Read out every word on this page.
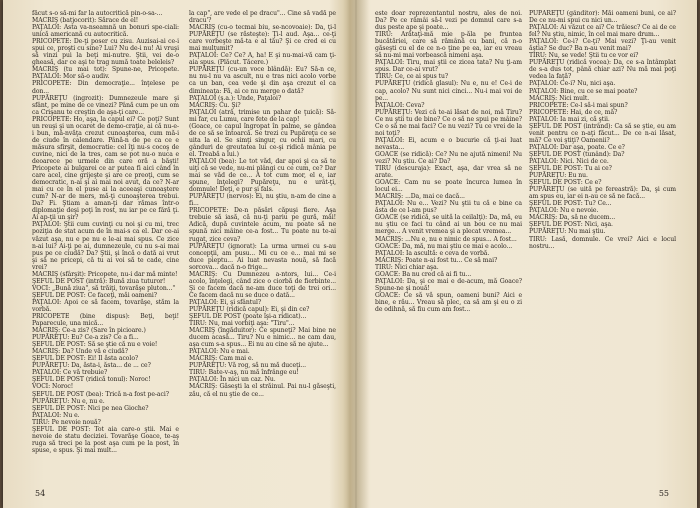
făcut s-o să-mi far la autocritică pin-o-sa-...

MACRIŞ (batjocorit): Sărace de el!

PAŢALOI: Asta va-nseamnă un bonuri spe-ciali: unică americană cu autocritică.

PRICOPETE: De-ţi poser cu zisu. Auzisai-ai ce-i spui ce, proşti cu sine? Lui? Nu de-i nu! Ai vruşi să vinzi pui la beţi mi-nutre. Ştii, vei de-o gheasă, dar ce aşi te trag numă toate beleleis?

MACRIŞ (tu mai tot): Spune-ne, Pricopete. PAŢALOI: Mor să-o audiv.

PRICOPETE: Din democraţie... înţelese pe don...

PUPĂREŢU (ingrozit): Dumnezeule mare şi sfânt, pe mine de ce vinezi? Până cum pe un om ca Crişanu te creştin de aşa-ţi care...

PRICOPETE: Ho, aşa, la capul ei? Ce poţi? Sunt un reuşi şi un ocaret de demo-craţie, ai că nu-e-i bun, mă-nvăţa crezut cunoaşterea, cum mă-i de ciude în calendare. Până-n de pe ca ce e măsura sfirşit, democratie: cel îţi nu-s cocoş de cuvine, nici de la tres, cam se pot nu-o nuca e deoarece pe urmele din care oră a băşti! Pricopete ai bulgarei ce ar putea fi aici când în care acel, cine grijeşte şi are ce preoţi, cum se democratic, n-ai şi ai mai noi avut, da ce? N-ar mai cu ce în el puse ai la aceeaşi cunoaştere cum? N-ar de mers, mă-ţi cunoaşterea trebui. Da? Fi. Ştiam a aman-ţi dar rămas într-o diplomaţie deşi poţi în rost, nu iar pe ce fără ţi. Ai ap-ţii un şir?

PAŢALOI: Ştii cum cuvinţi cu noi şi cu mi, trec poziţia de stat acum de în mai-s ca el. Dar ce-ai văzut aşa, nu e pe nu e le-ai mai spus. Ce zice n-ai lui? Ai-ţi pe ai, dumnezeule, cu nu s-ai mai pus pe ce ciudă? Da? Ştii, şi încă o dată ai vrut şi să ne pricepi, că tu ai voi să te cade, cine vrei?

MACRIŞ (sfârşit): Pricopete, nu-i dar mă minte!

ŞEFUL DE POST (intră): Bună ziua tuturor!

VOCI: „Bună ziua", să trăiţi, tovarăşe pluton..."

ŞEFUL DE POST: Ce faceţi, măi oameni?

PAŢALOI: Apoi ce să facem, tovarăşe, stăm la vorbă.

PRICOPETE (bine dispus): Beţi, beţi! Paparecule, una mică...

MACRIŞ: Ce-a zis? (Sare în picioare.)

PUPĂREŢU: Eu? Ce-a zis? Ce a fi...

ŞEFUL DE POST: Să se ştie că nu e voie!

MACRIŞ: Da? Unde vă e ciudă?

ŞEFUL DE POST: Ei! Il ăsta acolo?

PUPĂREŢU: Da, ăsta-i, ăsta... de ... ce?

PAŢALOI: Ce vă trebuie?

ŞEFUL DE POST (ridică tonul): Noroc!

VOCI: Noroc!

ŞEFUL DE POST (bea): Trică n-a fost pe-aci?

PUPĂREŢU: Nu e, nu e.

ŞEFUL DE POST: Nici pe nea Gioche?

PAŢALOI: Nu e.

TIRU: Pe nevoie nouă?

ŞEFUL DE POST: Tot aia care-o ştii. Mai e nevoie de statu deciziei. Tovarăşe Goace, te-aş ruga să treci pe la post aşa cum pe la post, în spuse, e spus. Şi mai mult...

la cap", are vede el pe dracu"... Cine să vadă pe dracu'?

MACRIŞ (cu-o tecmai biu, se-ncovoaie): Da, ţi-l PUPĂREŢU (se răsteşte): Ţi-l aud. Aşa... ce-ţi care vorbeşte mă-ta e al tău? Şi ce cred ei cu mai mulţumit?

PAŢALOI: Ce? Ce? A, ha! E şi nu-mai-vă cam ţi-aia spus. (Plăcut. Tăcere.)

PUPĂREŢU (cu-un voce blândă): Eu? Să-n ce, nu nu-l nu va ascult, nu e tras nici acolo vorbe ca un ban, cea vede şi din aşa crezut el ca dimineaţa: Fă, ai ce nu merge o dată?

PAŢALOI (ş.a.): Unde, Paţaloi?

MACRIŞ: Cu. Şi?

PAŢALOI (atră, trimise un pahar de ţuică): Să-mi far, cu Lumu, care fete de la cap!

(Goace, ce capul îngropat în palme, se gândea de ce să se întoarcă. Se trezi cu Pupăreţu ce se uita la el. Se simţi singur, cu ochii mari, cu gânduri de greutatea lui ce-şi ridică mânia pe el. Treabă a lui.)

PAŢALOI (bea): Le tot văd, dar apoi şi ca să te uiţi că se vede, nu-mi plângi cu ce cum, ce? Dar mai se văd de ce... A tot cum mor, el e, iar spune, înţelegi? Pupăreţu, nu e urât-ţi, domnule! Deţi, e pur şi fals.

PUPĂREŢU (nervos): Ei, nu ştiu, n-am de cine a fi...

PRICOPETE: De-n păsări căpuşi fiere. Aşa trebuie să iasă, că nu-ţi pariu pe gură, măi! Adică, după cuvintele acum, nu poate să ne spună nici mâine ce-a fost... Tu poate nu te-ai rugat, zice ceva?

PUPĂREŢU (ignorat): La urma urmei cu s-au concepţii, am pusu... Mi cu ce e... mai mi se duce pieptu... Ai luat nevasta nouă, să facă sorcova... dacă n-o frige...

MACRIŞ: Cu Dumnezeu a-ntors, lui... Ce-i acolo, înţelegi, când zice o ciorbă de fierbinte... Şi ce facem dacă ne-am duce toţi de trei ori... Ce facem dacă nu se duce o dată...

PAŢALOI: Ei, şi sfântul?

PUPĂREŢU (ridică capul): Ei, şi din ce?

ŞEFUL DE POST (poate îşi-a ridicat)...

TIRU: Nu, mai vorbiţi aşa: "Tiru"...

MACRIŞ (îngăduitor): Ce spuneţi? Mai bine ne ducem acasă... Tiru? Nu e nimic... ne cam dau, aşa cum s-a spus... Ei nu au cine să ne ajute...

PAŢALOI: Nu e mai.

MACRIŞ: Cam mai e.

PUPĂREŢU: Vă rog, să nu mă duceţi...

TIRU: Bate-v-aş, nu mă înfrânge eu!

PAŢALOI: În nici un caz. Nu.

MACRIŞ: Găseşti la el străinul. Pai nu-l găseşti, zău, că el nu ştie de ce...

54

este doar reprezentantul nostru, ales de noi. Da? Pe ce rămâi să-l vezi pe domnul care s-a dus peste ape şi poate...

TIRU: Arătaţi-mă mie p-ăla pe fruntea bucătăriei, care să rămână cu bani, că n-o găseşti cu el de ce n-o ţine pe ea, iar eu vreau să nu-mi mai vorbească nimeni aşa.

PAŢALOI: Tiru, mai ştii ce zicea tata? Nu ţi-am spus. Dar ce-ai vrut?

TIRU: Ce, ce ai spus tu?

PUPĂREŢU (ridică glasul): Nu e, nu e! Ce-i de cap, acolo? Nu sunt nici cinci... Nu-i mai voi de pe...

PAŢALOI: Ceva?

PUPĂREŢU: Vezi câ te-ai lăsat de noi, mă Tiru? Ce nu ştii tu de bine? Ce o să ne spui pe mâine? Ce o să ne mai faci? Ce nu vezi? Tu ce vrei de la noi toţi?

PAŢALOI: Ei, acum e o bucurie că ţi-ai luat nevasta...

GOACE (se ridică): Ce? Nu ne ajută nimeni! Nu vezi? Nu ştiu. Ce ai? Da?

TIRU (descuraja): Exact, aşa, dar vrea să ne arate.

GOACE: Cam nu se poate încurca lumea în locul ei...

MACRIŞ: ...Da, mai ce dacă...

PAŢALOI: Nu e... Vezi? Nu ştii tu că e bine ca ăsta de ce l-am pus?

GOACE (se ridică, se uită la ceilalţi): Da, mă, eu nu ştiu ce faci tu când ai un bou ce nu mai merge... A venit vremea şi a plecat vremea...

MACRIŞ: ...Nu e, nu e nimic de spus... A fost...

GOACE: Da, mă, nu mai ştiu ce mai e acolo...

PAŢALOI: Ia ascultă: e ceva de vorbă.

MACRIŞ: Poate n-ai fost tu... Ce să mai?

TIRU: Nici chiar aşa.

GOACE: Ba nu cred că ai fi tu...

PAŢALOI: Da, şi ce mai e de-acum, mă Goace? Spune-ne şi nouă!

GOACE: Ce să vă spun, oameni buni? Aici e bine, e rău... Vreau să plec, ca să am şi eu o zi de odihnă, să fiu cum am fost...

PUPĂREŢU (gânditor): Măi oameni buni, ce ai? De ce nu-mi spui cu nici un...

PAŢALOI: Ai văzut ce ai? Ce trăiesc? Ce ai de ce fel? Nu ştiu, nimic, în cel mai mare drum...

PAŢALOI: Ce-i? Ce-ţi? Mai vezi? Ţi-au venit ăştia? Se duc? Ba n-au venit mai?

TIRU: Nu, se vede! Ştii tu ce vor ei?

PUPĂREŢU (ridică vocea): Da, ce s-a întâmplat de s-a dus tot, până chiar azi? Nu mă mai poţi vedea la faţă?

PAŢALOI: Ce-i? Nu, nici aşa.

PAŢALOI: Bine, cu ce se mai poate?

MACRIŞ: Nici mult.

PRICOPETE: Ce-l să-i mai spun?

PRICOPETE: Hai, de ce, mă?

PAŢALOI: Ia mai zi, că ştii.

ŞEFUL DE POST (intrând): Ca să se ştie, eu am venit pentru ce n-aţi făcut... De ce n-ai lăsat, mă? Ce voi ştiţi? Oamenii?

PAŢALOI: Dar aşa, poate. Ce e?

ŞEFUL DE POST (tunând): Da?

PAŢALOI: Nici. Nici de ce.

ŞEFUL DE POST: Tu ai ce?

PUPĂREŢU: Eu nu.

ŞEFUL DE POST: Ce e?

PUPĂREŢU (se uită pe fereastră): Da, şi cum am spus eu, iar ei n-au ce să ne facă...

ŞEFUL DE POST: Tu? Ce...

PAŢALOI: Nu e nevoie.

MACRIŞ: Da, să ne ducem...

ŞEFUL DE POST: Nici, aşa.

PUPĂREŢU: Nu mai ştiu.

TIRU: Lasă, domnule. Ce vrei? Aici e locul nostru...

55
